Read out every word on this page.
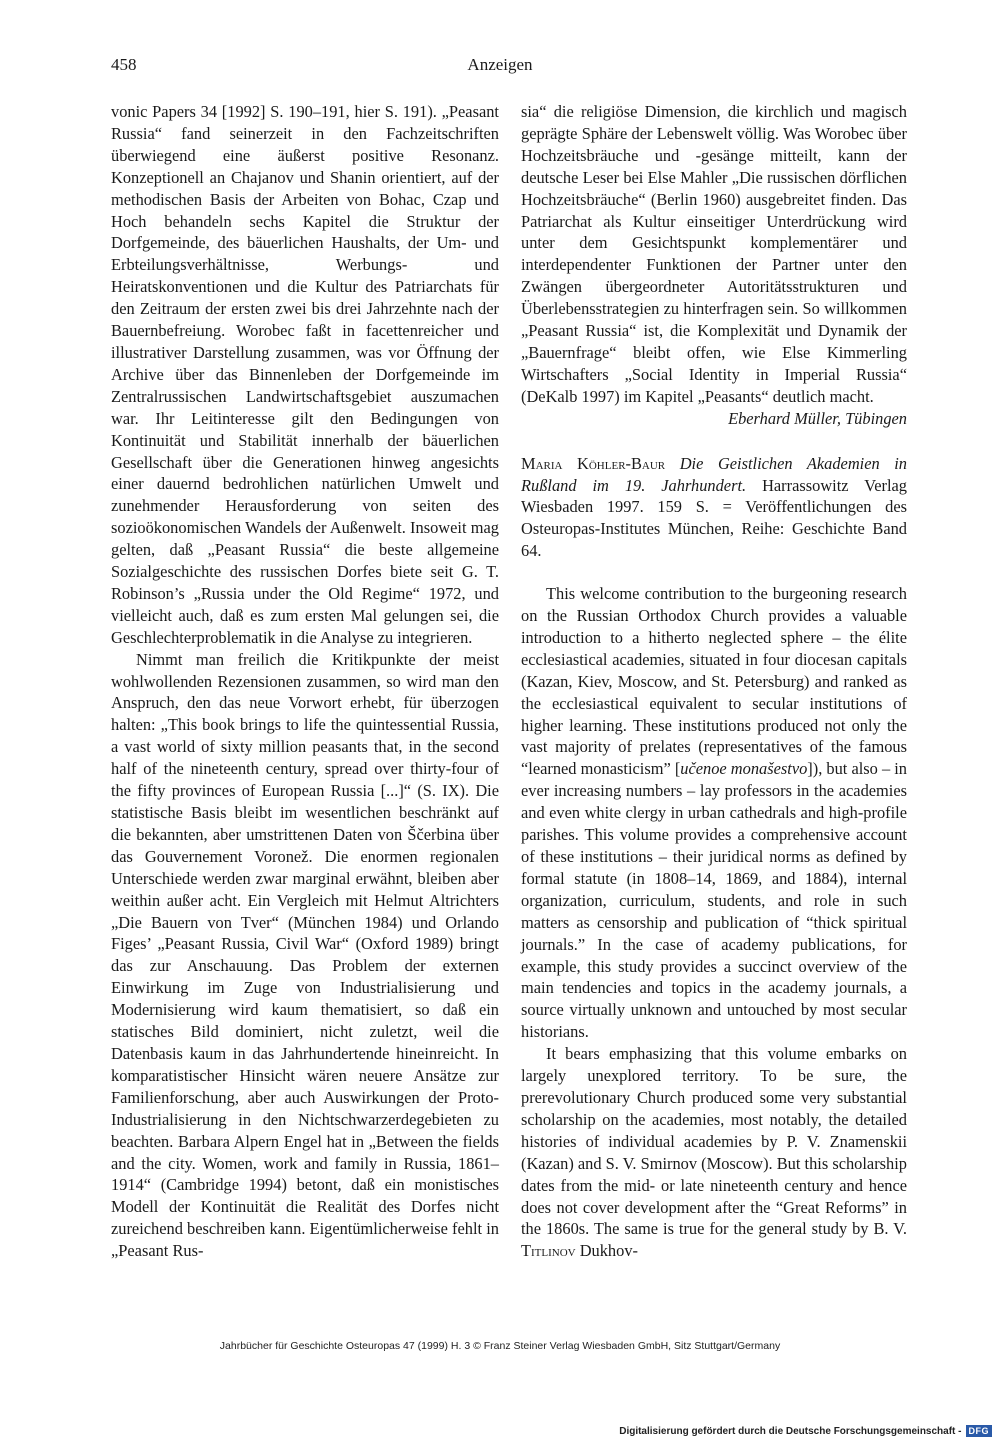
458	Anzeigen

vonic Papers 34 [1992] S. 190–191, hier S. 191). „Peasant Russia“ fand seinerzeit in den Fachzeitschriften überwiegend eine äußerst positive Resonanz. Konzeptionell an Chajanov und Shanin orientiert, auf der methodischen Basis der Arbeiten von Bohac, Czap und Hoch behandeln sechs Kapitel die Struktur der Dorfgemeinde, des bäuerlichen Haushalts, der Um- und Erbteilungsverhältnisse, Werbungs- und Heiratskonventionen und die Kultur des Patriarchats für den Zeitraum der ersten zwei bis drei Jahrzehnte nach der Bauernbefreiung. Worobec faßt in facettenreicher und illustrativer Darstellung zusammen, was vor Öffnung der Archive über das Binnenleben der Dorfgemeinde im Zentralrussischen Landwirtschaftsgebiet auszumachen war. Ihr Leitinteresse gilt den Bedingungen von Kontinuität und Stabilität innerhalb der bäuerlichen Gesellschaft über die Generationen hinweg angesichts einer dauernd bedrohlichen natürlichen Umwelt und zunehmender Herausforderung von seiten des sozioökonomischen Wandels der Außenwelt. Insoweit mag gelten, daß „Peasant Russia“ die beste allgemeine Sozialgeschichte des russischen Dorfes biete seit G. T. Robinson’s „Russia under the Old Regime“ 1972, und vielleicht auch, daß es zum ersten Mal gelungen sei, die Geschlechterproblematik in die Analyse zu integrieren.

Nimmt man freilich die Kritikpunkte der meist wohlwollenden Rezensionen zusammen, so wird man den Anspruch, den das neue Vorwort erhebt, für überzogen halten: „This book brings to life the quintessential Russia, a vast world of sixty million peasants that, in the second half of the nineteenth century, spread over thirty-four of the fifty provinces of European Russia [...]“ (S. IX). Die statistische Basis bleibt im wesentlichen beschränkt auf die bekannten, aber umstrittenen Daten von Ščerbina über das Gouvernement Voronež. Die enormen regionalen Unterschiede werden zwar marginal erwähnt, bleiben aber weithin außer acht. Ein Vergleich mit Helmut Altrichters „Die Bauern von Tver“ (München 1984) und Orlando Figes’ „Peasant Russia, Civil War“ (Oxford 1989) bringt das zur Anschauung. Das Problem der externen Einwirkung im Zuge von Industrialisierung und Modernisierung wird kaum thematisiert, so daß ein statisches Bild dominiert, nicht zuletzt, weil die Datenbasis kaum in das Jahrhundertende hineinreicht. In komparatistischer Hinsicht wären neuere Ansätze zur Familienforschung, aber auch Auswirkungen der Proto-Industrialisierung in den Nichtschwarzerdegebieten zu beachten. Barbara Alpern Engel hat in „Between the fields and the city. Women, work and family in Russia, 1861–1914“ (Cambridge 1994) betont, daß ein monistisches Modell der Kontinuität die Realität des Dorfes nicht zureichend beschreiben kann. Eigentümlicherweise fehlt in „Peasant Rus-

sia“ die religiöse Dimension, die kirchlich und magisch geprägte Sphäre der Lebenswelt völlig. Was Worobec über Hochzeitsbräuche und -gesänge mitteilt, kann der deutsche Leser bei Else Mahler „Die russischen dörflichen Hochzeitsbräuche“ (Berlin 1960) ausgebreitet finden. Das Patriarchat als Kultur einseitiger Unterdrückung wird unter dem Gesichtspunkt komplementärer und interdependenter Funktionen der Partner unter den Zwängen übergeordneter Autoritätsstrukturen und Überlebensstrategien zu hinterfragen sein. So willkommen „Peasant Russia“ ist, die Komplexität und Dynamik der „Bauernfrage“ bleibt offen, wie Else Kimmerling Wirtschafters „Social Identity in Imperial Russia“ (DeKalb 1997) im Kapitel „Peasants“ deutlich macht.

Eberhard Müller, Tübingen

Maria Köhler-Baur Die Geistlichen Akademien in Rußland im 19. Jahrhundert. Harrassowitz Verlag Wiesbaden 1997. 159 S. = Veröffentlichungen des Osteuropas-Institutes München, Reihe: Geschichte Band 64.

This welcome contribution to the burgeoning research on the Russian Orthodox Church provides a valuable introduction to a hitherto neglected sphere – the élite ecclesiastical academies, situated in four diocesan capitals (Kazan, Kiev, Moscow, and St. Petersburg) and ranked as the ecclesiastical equivalent to secular institutions of higher learning. These institutions produced not only the vast majority of prelates (representatives of the famous “learned monasticism” [učenoe monašestvo]), but also – in ever increasing numbers – lay professors in the academies and even white clergy in urban cathedrals and high-profile parishes. This volume provides a comprehensive account of these institutions – their juridical norms as defined by formal statute (in 1808–14, 1869, and 1884), internal organization, curriculum, students, and role in such matters as censorship and publication of “thick spiritual journals.” In the case of academy publications, for example, this study provides a succinct overview of the main tendencies and topics in the academy journals, a source virtually unknown and untouched by most secular historians.

It bears emphasizing that this volume embarks on largely unexplored territory. To be sure, the prerevolutionary Church produced some very substantial scholarship on the academies, most notably, the detailed histories of individual academies by P. V. Znamenskii (Kazan) and S. V. Smirnov (Moscow). But this scholarship dates from the mid- or late nineteenth century and hence does not cover development after the “Great Reforms” in the 1860s. The same is true for the general study by B. V. Titlinov Dukhov-

Jahrbücher für Geschichte Osteuropas 47 (1999) H. 3 © Franz Steiner Verlag Wiesbaden GmbH, Sitz Stuttgart/Germany
Digitalisierung gefördert durch die Deutsche Forschungsgemeinschaft - DFG
